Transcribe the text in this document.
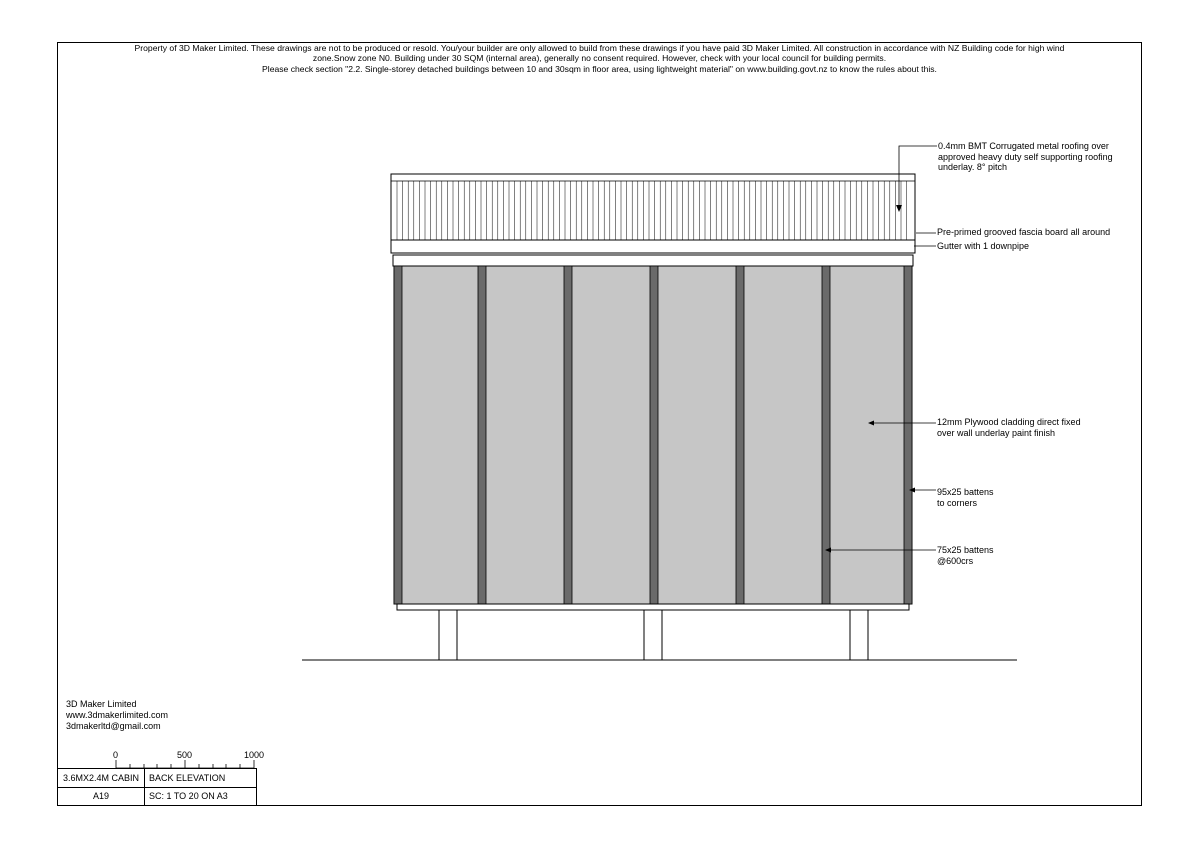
Property of 3D Maker Limited. These drawings are not to be produced or resold. You/your builder are only allowed to build from these drawings if you have paid 3D Maker Limited. All construction in accordance with NZ Building code for high wind
zone.Snow zone N0. Building under 30 SQM (internal area), generally no consent required. However, check with your local council for building permits.
Please check section "2.2. Single-storey detached buildings between 10 and 30sqm in floor area, using lightweight material" on www.building.govt.nz to know the rules about this.
0.4mm BMT Corrugated metal roofing over
approved heavy duty self supporting roofing
underlay. 8° pitch
Pre-primed grooved fascia board all around
Gutter with 1 downpipe
12mm Plywood cladding direct fixed
over wall underlay paint finish
95x25 battens
to corners
75x25 battens
@600crs
3D Maker Limited
www.3dmakerlimited.com
3dmakerltd@gmail.com
0	500	1000
3.6MX2.4M CABIN	BACK ELEVATION
A19	SC: 1 TO 20 ON A3
